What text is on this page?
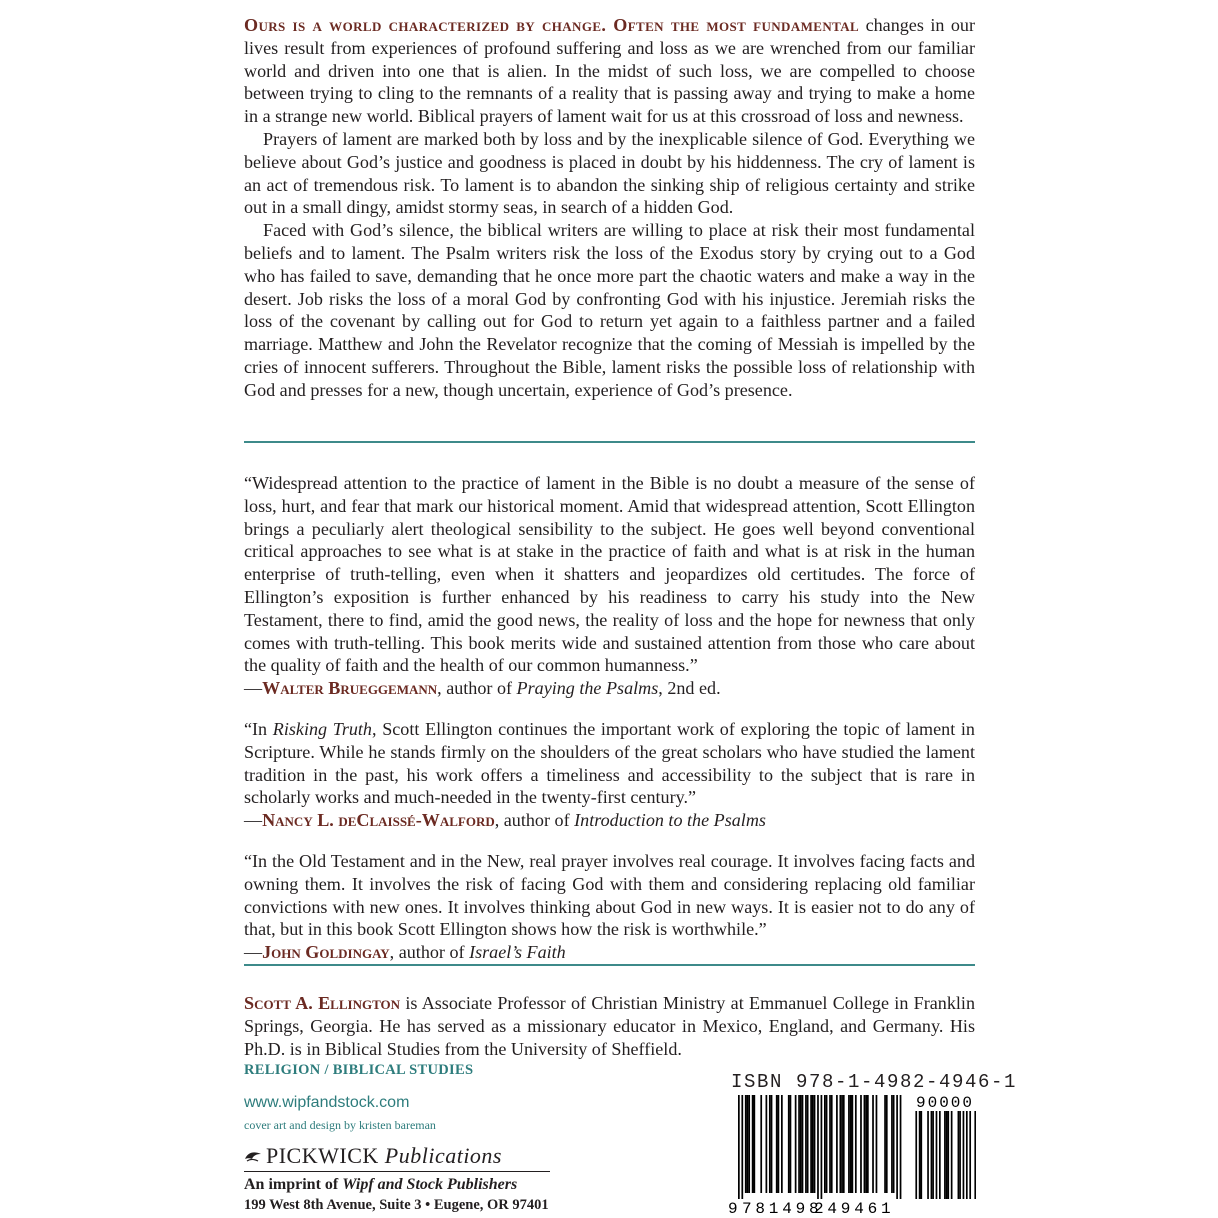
Ours is a world characterized by change. Often the most fundamental changes in our lives result from experiences of profound suffering and loss as we are wrenched from our familiar world and driven into one that is alien. In the midst of such loss, we are compelled to choose between trying to cling to the remnants of a reality that is passing away and trying to make a home in a strange new world. Biblical prayers of lament wait for us at this crossroad of loss and newness.

Prayers of lament are marked both by loss and by the inexplicable silence of God. Everything we believe about God’s justice and goodness is placed in doubt by his hiddenness. The cry of lament is an act of tremendous risk. To lament is to abandon the sinking ship of religious certainty and strike out in a small dingy, amidst stormy seas, in search of a hidden God.

Faced with God’s silence, the biblical writers are willing to place at risk their most fundamental beliefs and to lament. The Psalm writers risk the loss of the Exodus story by crying out to a God who has failed to save, demanding that he once more part the chaotic waters and make a way in the desert. Job risks the loss of a moral God by confronting God with his injustice. Jeremiah risks the loss of the covenant by calling out for God to return yet again to a faithless partner and a failed marriage. Matthew and John the Revelator recognize that the coming of Messiah is impelled by the cries of innocent sufferers. Throughout the Bible, lament risks the possible loss of relationship with God and presses for a new, though uncertain, experience of God’s presence.

“Widespread attention to the practice of lament in the Bible is no doubt a measure of the sense of loss, hurt, and fear that mark our historical moment. Amid that widespread attention, Scott Ellington brings a peculiarly alert theological sensibility to the subject. He goes well beyond conventional critical approaches to see what is at stake in the practice of faith and what is at risk in the human enterprise of truth-telling, even when it shatters and jeopardizes old certitudes. The force of Ellington’s exposition is further enhanced by his readiness to carry his study into the New Testament, there to find, amid the good news, the reality of loss and the hope for newness that only comes with truth-telling. This book merits wide and sustained attention from those who care about the quality of faith and the health of our common humanness.”

—Walter Brueggemann, author of Praying the Psalms, 2nd ed.

“In Risking Truth, Scott Ellington continues the important work of exploring the topic of lament in Scripture. While he stands firmly on the shoulders of the great scholars who have studied the lament tradition in the past, his work offers a timeliness and accessibility to the subject that is rare in scholarly works and much-needed in the twenty-first century.”

—Nancy L. deClaissé-Walford, author of Introduction to the Psalms

“In the Old Testament and in the New, real prayer involves real courage. It involves facing facts and owning them. It involves the risk of facing God with them and considering replacing old familiar convictions with new ones. It involves thinking about God in new ways. It is easier not to do any of that, but in this book Scott Ellington shows how the risk is worthwhile.”

—John Goldingay, author of Israel’s Faith

Scott A. Ellington is Associate Professor of Christian Ministry at Emmanuel College in Franklin Springs, Georgia. He has served as a missionary educator in Mexico, England, and Germany. His Ph.D. is in Biblical Studies from the University of Sheffield.

RELIGION / BIBLICAL STUDIES
www.wipfandstock.com
cover art and design by kristen bareman
PICKWICK Publications
An imprint of Wipf and Stock Publishers
199 West 8th Avenue, Suite 3 • Eugene, OR 97401
ISBN 978-1-4982-4946-1
9 781498
249461
90000
